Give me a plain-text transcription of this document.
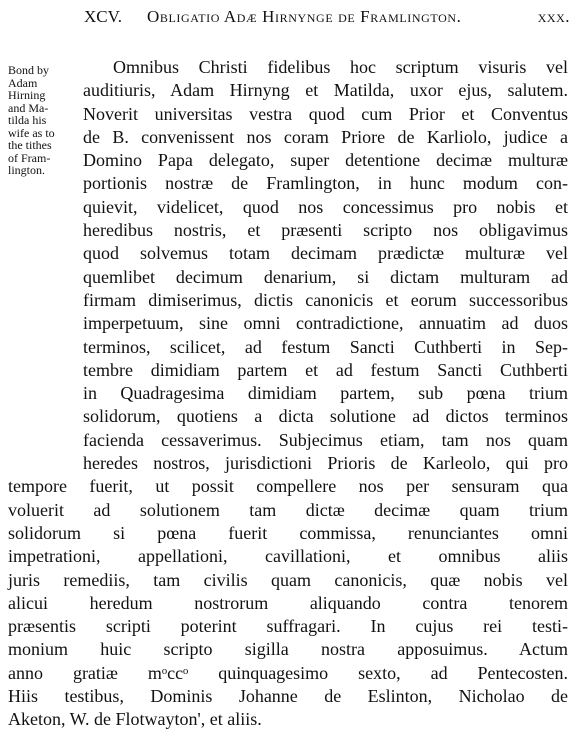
XCV. Obligatio Adæ Hirnynge de Framlington.	xxx.
Bond by
Adam
Hirning
and Ma-
tilda his
wife as to
the tithes
of Fram-
lington.
Omnibus Christi fidelibus hoc scriptum visuris vel
auditiuris, Adam Hirnyng et Matilda, uxor ejus, salutem.
Noverit universitas vestra quod cum Prior et Conventus
de B. convenissent nos coram Priore de Karliolo, judice a
Domino Papa delegato, super detentione decimæ multuræ
portionis nostræ de Framlington, in hunc modum con-
quievit, videlicet, quod nos concessimus pro nobis et
heredibus nostris, et præsenti scripto nos obligavimus
quod solvemus totam decimam prædictæ multuræ vel
quemlibet decimum denarium, si dictam multuram ad
firmam dimiserimus, dictis canonicis et eorum successoribus
imperpetuum, sine omni contradictione, annuatim ad duos
terminos, scilicet, ad festum Sancti Cuthberti in Sep-
tembre dimidiam partem et ad festum Sancti Cuthberti
in Quadragesima dimidiam partem, sub pœna trium
solidorum, quotiens a dicta solutione ad dictos terminos
facienda cessaverimus. Subjecimus etiam, tam nos quam
heredes nostros, jurisdictioni Prioris de Karleolo, qui pro
tempore fuerit, ut possit compellere nos per sensuram qua
voluerit ad solutionem tam dictæ decimæ quam trium
solidorum si pœna fuerit commissa, renunciantes omni
impetrationi, appellationi, cavillationi, et omnibus aliis
juris remediis, tam civilis quam canonicis, quæ nobis vel
alicui heredum nostrorum aliquando contra tenorem
præsentis scripti poterint suffragari. In cujus rei testi-
monium huic scripto sigilla nostra apposuimus. Actum
anno gratiæ mᵒccᵒ quinquagesimo sexto, ad Pentecosten.
Hiis testibus, Dominis Johanne de Eslinton, Nicholao de
Aketon, W. de Flotwayton', et aliis.
